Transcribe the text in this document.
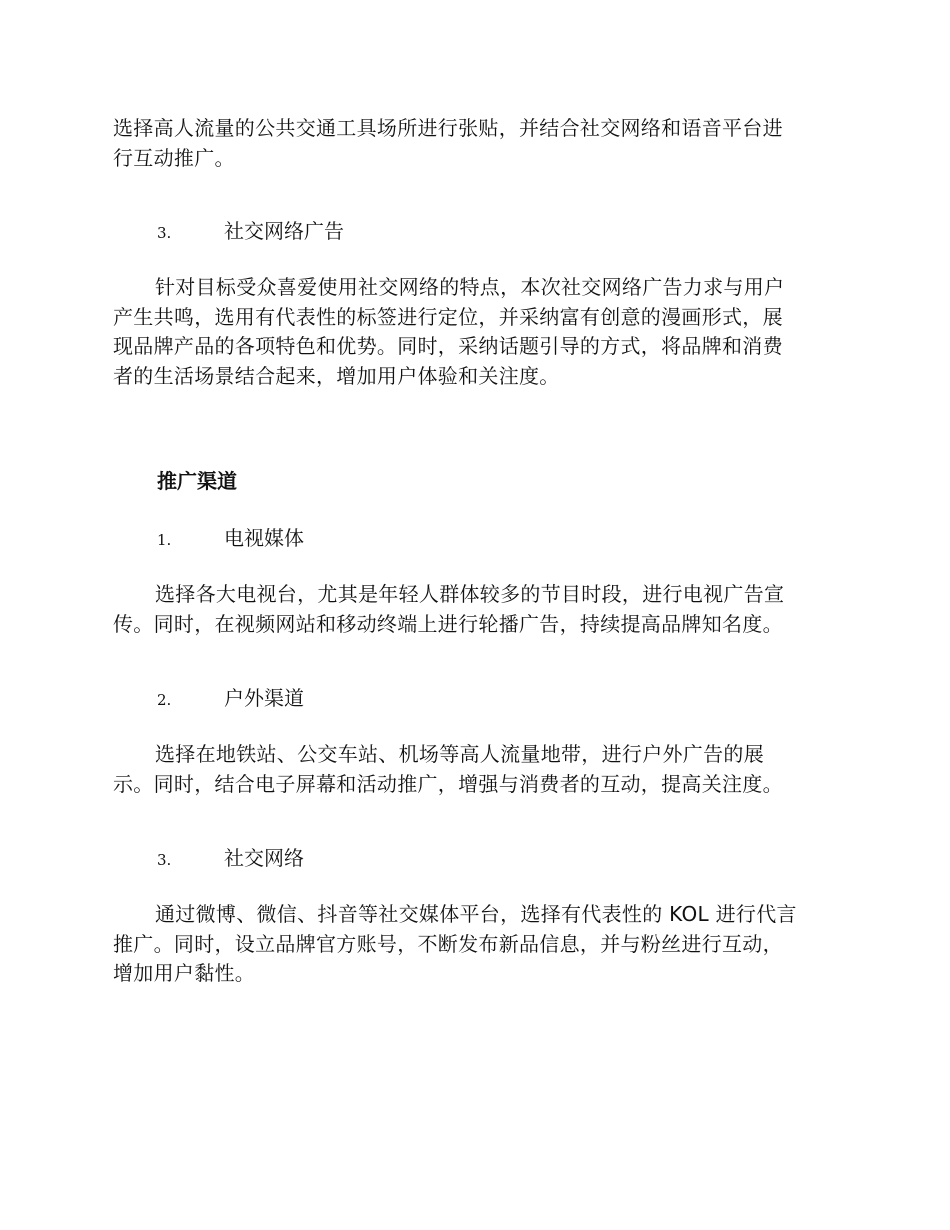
选择高人流量的公共交通工具场所进行张贴，并结合社交网络和语音平台进
行互动推广。

3.	社交网络广告

针对目标受众喜爱使用社交网络的特点，本次社交网络广告力求与用户
产生共鸣，选用有代表性的标签进行定位，并采纳富有创意的漫画形式，展
现品牌产品的各项特色和优势。同时，采纳话题引导的方式，将品牌和消费
者的生活场景结合起来，增加用户体验和关注度。

推广渠道
1.	电视媒体

选择各大电视台，尤其是年轻人群体较多的节目时段，进行电视广告宣
传。同时，在视频网站和移动终端上进行轮播广告，持续提高品牌知名度。

2.	户外渠道

选择在地铁站、公交车站、机场等高人流量地带，进行户外广告的展
示。同时，结合电子屏幕和活动推广，增强与消费者的互动，提高关注度。

3.	社交网络

通过微博、微信、抖音等社交媒体平台，选择有代表性的 KOL 进行代言
推广。同时，设立品牌官方账号，不断发布新品信息，并与粉丝进行互动，
增加用户黏性。
